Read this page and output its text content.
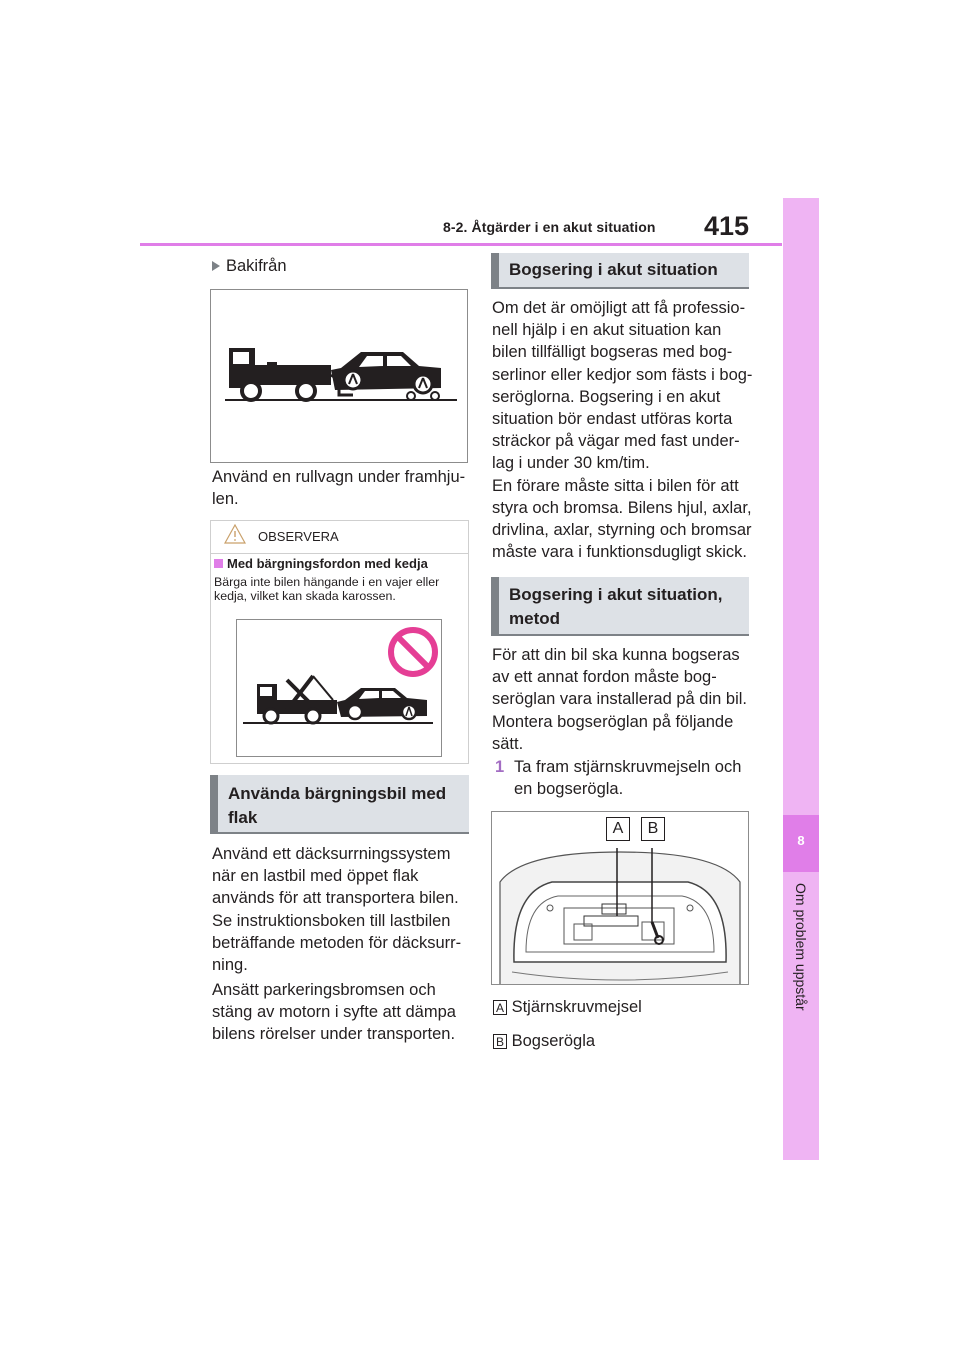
8-2. Åtgärder i en akut situation 415
8
Om problem uppstår
Bakifrån
Använd en rullvagn under framhju-
len.
OBSERVERA
Med bärgningsfordon med kedja
Bärga inte bilen hängande i en vajer eller kedja, vilket kan skada karossen.
Använda bärgningsbil med
flak
Använd ett däcksurrningssystem
när en lastbil med öppet flak
används för att transportera bilen.
Se instruktionsboken till lastbilen
beträffande metoden för däcksurr-
ning.
Ansätt parkeringsbromsen och
stäng av motorn i syfte att dämpa
bilens rörelser under transporten.
Bogsering i akut situation
Om det är omöjligt att få professio-
nell hjälp i en akut situation kan
bilen tillfälligt bogseras med bog-
serlinor eller kedjor som fästs i bog-
seröglorna. Bogsering i en akut
situation bör endast utföras korta
sträckor på vägar med fast under-
lag i under 30 km/tim.
En förare måste sitta i bilen för att
styra och bromsa. Bilens hjul, axlar,
drivlina, axlar, styrning och bromsar
måste vara i funktionsdugligt skick.
Bogsering i akut situation,
metod
För att din bil ska kunna bogseras
av ett annat fordon måste bog-
seröglan vara installerad på din bil.
Montera bogseröglan på följande
sätt.
1 Ta fram stjärnskruvmejseln och
en bogserögla.
A	B
A Stjärnskruvmejsel
B Bogserögla
